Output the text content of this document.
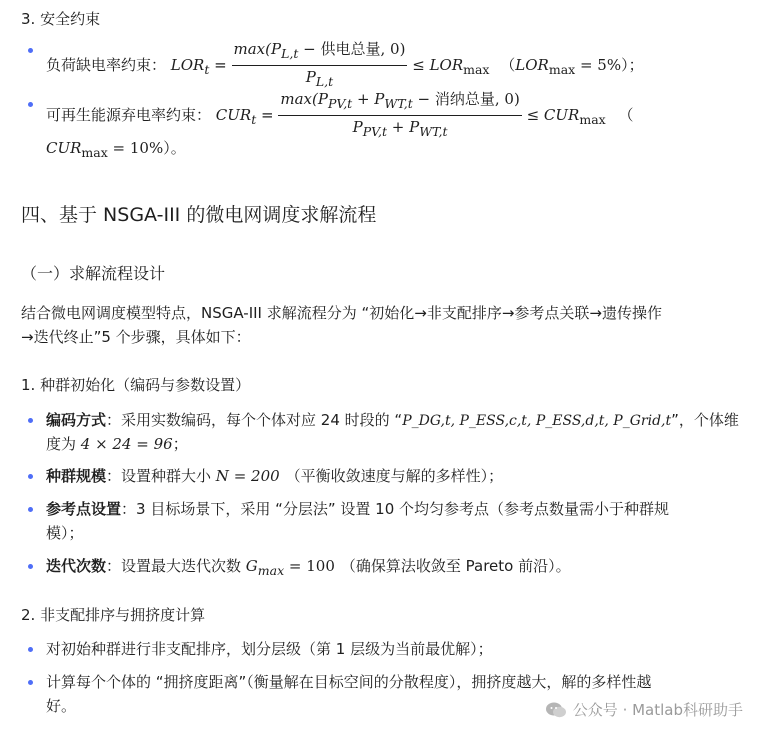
3. 安全约束
负荷缺电率约束： $LOR_t = \frac{\max(P_{L,t} - 供电总量, 0)}{P_{L,t}} \le LOR_{max}$ $(LOR_{max} = 5\%)$；
可再生能源弃电率约束： $CUR_t = \frac{\max(P_{PV,t} + P_{WT,t} - 消纳总量, 0)}{P_{PV,t} + P_{WT,t}} \le CUR_{max}$ （
$CUR_{max} = 10\%$）。
四、基于 NSGA-III 的微电网调度求解流程
（一）求解流程设计
结合微电网调度模型特点，NSGA-III 求解流程分为 “初始化→非支配排序→参考点关联→遗传操作
→迭代终止”5 个步骤，具体如下：
1. 种群初始化（编码与参数设置）
编码方式：采用实数编码，每个个体对应 24 时段的 “P_DG,t, P_ESS,c,t, P_ESS,d,t, P_Grid,t”，个体维
度为 4 × 24 = 96；
种群规模：设置种群大小 N = 200 （平衡收敛速度与解的多样性）；
参考点设置：3 目标场景下，采用 “分层法” 设置 10 个均匀参考点（参考点数量需小于种群规
模）；
迭代次数：设置最大迭代次数 $G_{max} = 100$ （确保算法收敛至 Pareto 前沿）。
2. 非支配排序与拥挤度计算
对初始种群进行非支配排序，划分层级（第 1 层级为当前最优解）；
计算每个个体的 “拥挤度距离”（衡量解在目标空间的分散程度），拥挤度越大，解的多样性越
好。	公众号 · Matlab科研助手
